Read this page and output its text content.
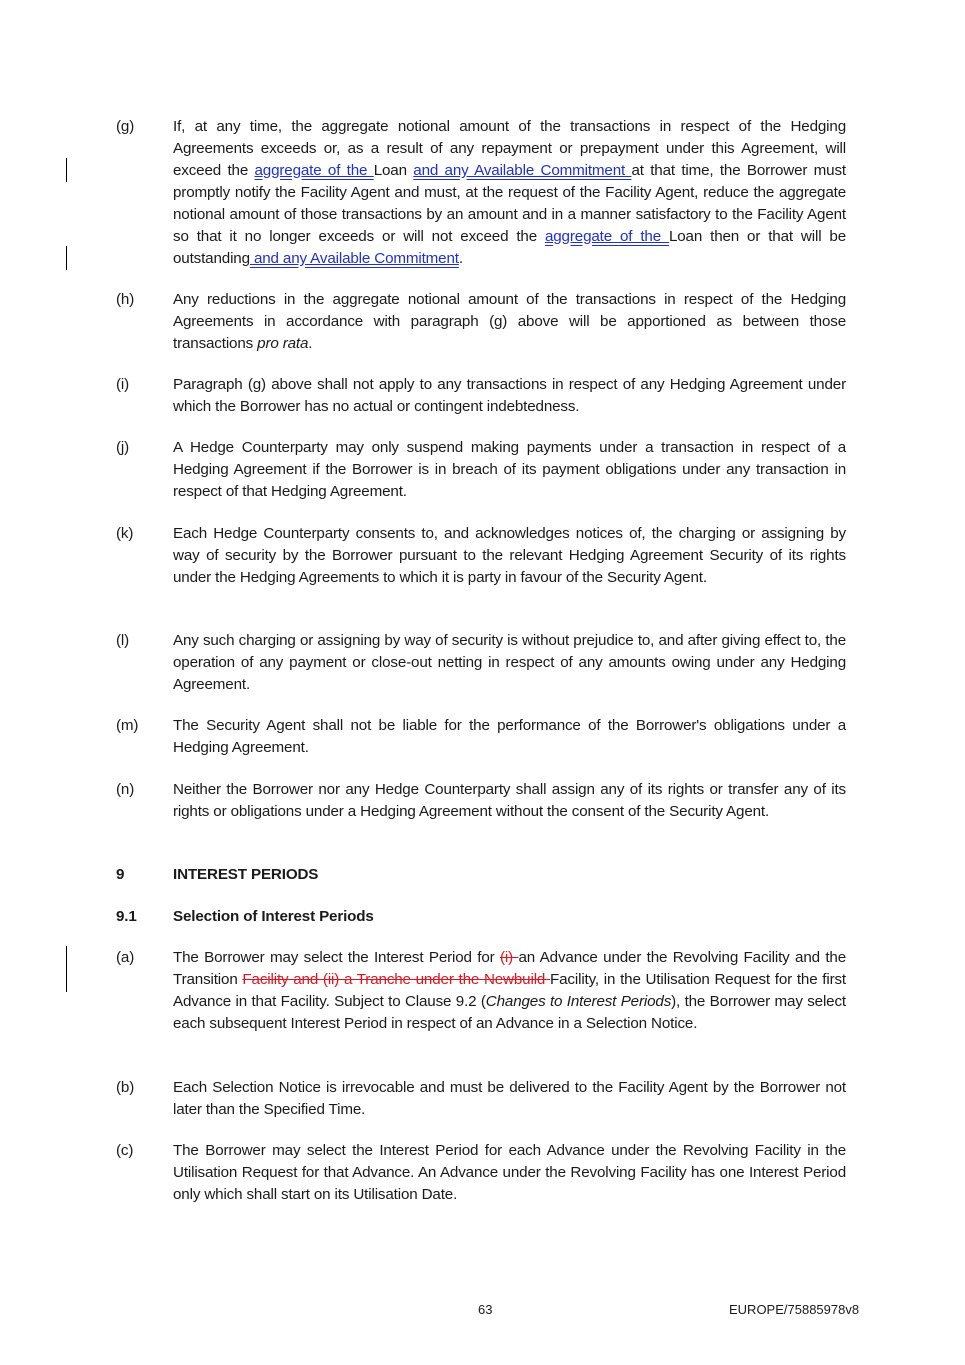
(g)	If, at any time, the aggregate notional amount of the transactions in respect of the Hedging Agreements exceeds or, as a result of any repayment or prepayment under this Agreement, will exceed the aggregate of the Loan and any Available Commitment at that time, the Borrower must promptly notify the Facility Agent and must, at the request of the Facility Agent, reduce the aggregate notional amount of those transactions by an amount and in a manner satisfactory to the Facility Agent so that it no longer exceeds or will not exceed the aggregate of the Loan then or that will be outstanding and any Available Commitment.
(h)	Any reductions in the aggregate notional amount of the transactions in respect of the Hedging Agreements in accordance with paragraph (g) above will be apportioned as between those transactions pro rata.
(i)	Paragraph (g) above shall not apply to any transactions in respect of any Hedging Agreement under which the Borrower has no actual or contingent indebtedness.
(j)	A Hedge Counterparty may only suspend making payments under a transaction in respect of a Hedging Agreement if the Borrower is in breach of its payment obligations under any transaction in respect of that Hedging Agreement.
(k)	Each Hedge Counterparty consents to, and acknowledges notices of, the charging or assigning by way of security by the Borrower pursuant to the relevant Hedging Agreement Security of its rights under the Hedging Agreements to which it is party in favour of the Security Agent.
(l)	Any such charging or assigning by way of security is without prejudice to, and after giving effect to, the operation of any payment or close-out netting in respect of any amounts owing under any Hedging Agreement.
(m) The Security Agent shall not be liable for the performance of the Borrower's obligations under a Hedging Agreement.
(n)	Neither the Borrower nor any Hedge Counterparty shall assign any of its rights or transfer any of its rights or obligations under a Hedging Agreement without the consent of the Security Agent.
9	INTEREST PERIODS
9.1 Selection of Interest Periods
(a)	The Borrower may select the Interest Period for (i) an Advance under the Revolving Facility and the Transition Facility and (ii) a Tranche under the Newbuild Facility, in the Utilisation Request for the first Advance in that Facility. Subject to Clause 9.2 (Changes to Interest Periods), the Borrower may select each subsequent Interest Period in respect of an Advance in a Selection Notice.
(b)	Each Selection Notice is irrevocable and must be delivered to the Facility Agent by the Borrower not later than the Specified Time.
(c)	The Borrower may select the Interest Period for each Advance under the Revolving Facility in the Utilisation Request for that Advance. An Advance under the Revolving Facility has one Interest Period only which shall start on its Utilisation Date.
63	EUROPE/75885978v8
